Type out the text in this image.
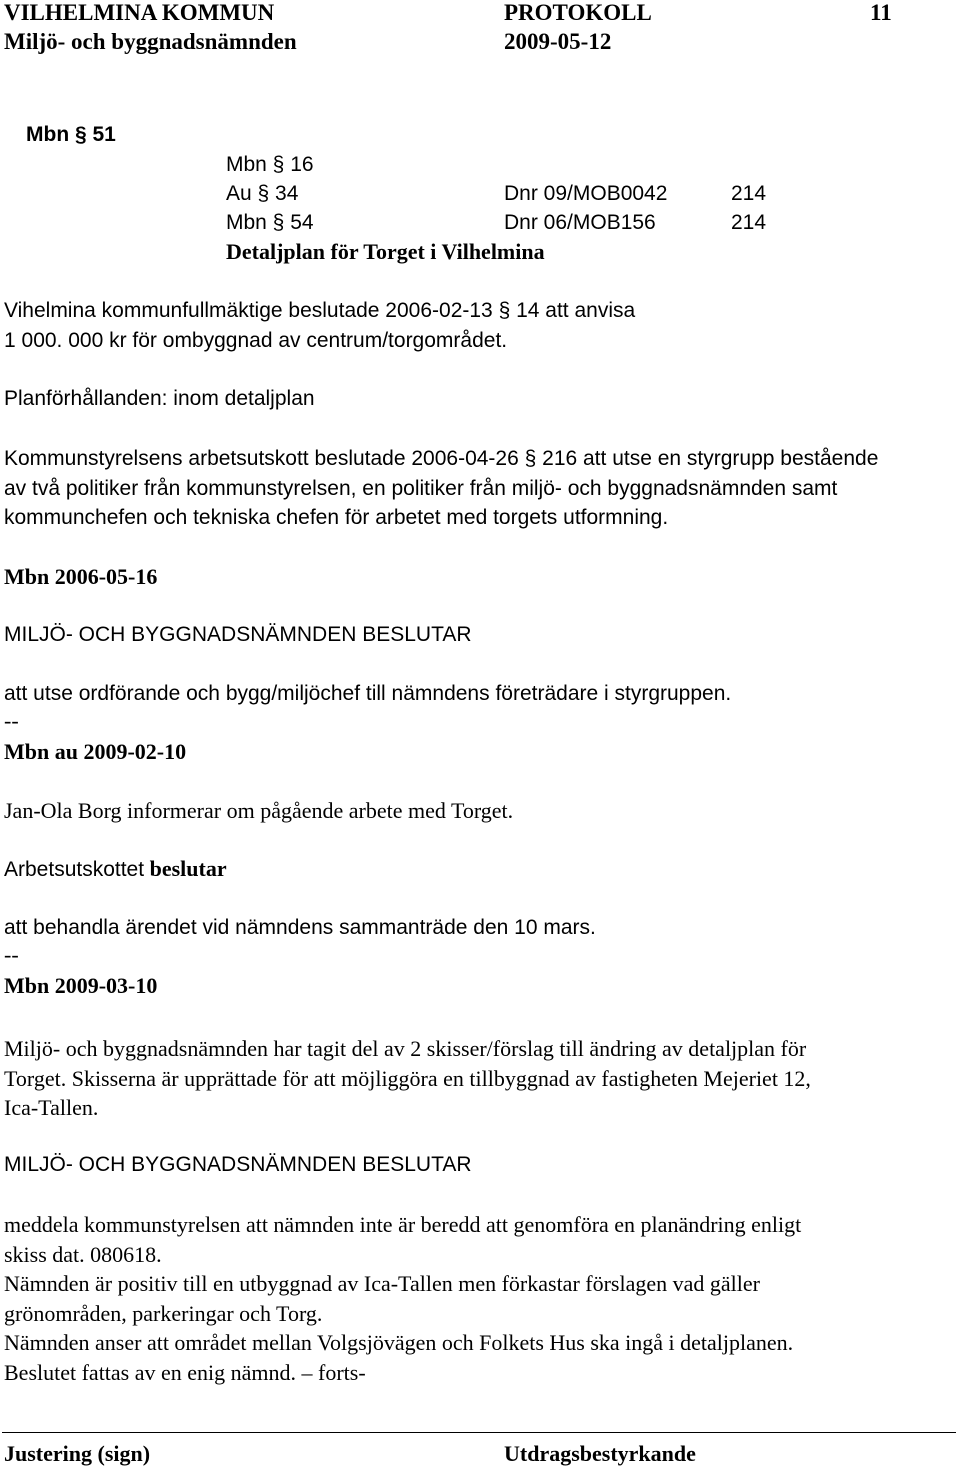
VILHELMINA KOMMUN	PROTOKOLL	11
Miljö- och byggnadsnämnden	2009-05-12
Mbn § 51
Mbn § 16
Au § 34	Dnr 09/MOB0042	214
Mbn § 54	Dnr 06/MOB156	214
Detaljplan för Torget i Vilhelmina
Vihelmina kommunfullmäktige beslutade 2006-02-13 § 14 att anvisa
1 000. 000 kr för ombyggnad av centrum/torgområdet.
Planförhållanden: inom detaljplan
Kommunstyrelsens arbetsutskott beslutade 2006-04-26 § 216 att utse en styrgrupp bestående
av två politiker från kommunstyrelsen, en politiker från miljö- och byggnadsnämnden samt
kommunchefen och tekniska chefen för arbetet med torgets utformning.
Mbn 2006-05-16
MILJÖ- OCH BYGGNADSNÄMNDEN BESLUTAR
att utse ordförande och bygg/miljöchef till nämndens företrädare i styrgruppen.
--
Mbn au 2009-02-10
Jan-Ola Borg informerar om pågående arbete med Torget.
Arbetsutskottet beslutar
att behandla ärendet vid nämndens sammanträde den 10 mars.
--
Mbn 2009-03-10
Miljö- och byggnadsnämnden har tagit del av 2 skisser/förslag till ändring av detaljplan för
Torget. Skisserna är upprättade för att möjliggöra en tillbyggnad av fastigheten Mejeriet 12,
Ica-Tallen.
MILJÖ- OCH BYGGNADSNÄMNDEN BESLUTAR
meddela kommunstyrelsen att nämnden inte är beredd att genomföra en planändring enligt
skiss dat. 080618.
Nämnden är positiv till en utbyggnad av Ica-Tallen men förkastar förslagen vad gäller
grönområden, parkeringar och Torg.
Nämnden anser att området mellan Volgsjövägen och Folkets Hus ska ingå i detaljplanen.
Beslutet fattas av en enig nämnd. – forts-
Justering (sign)	Utdragsbestyrkande
